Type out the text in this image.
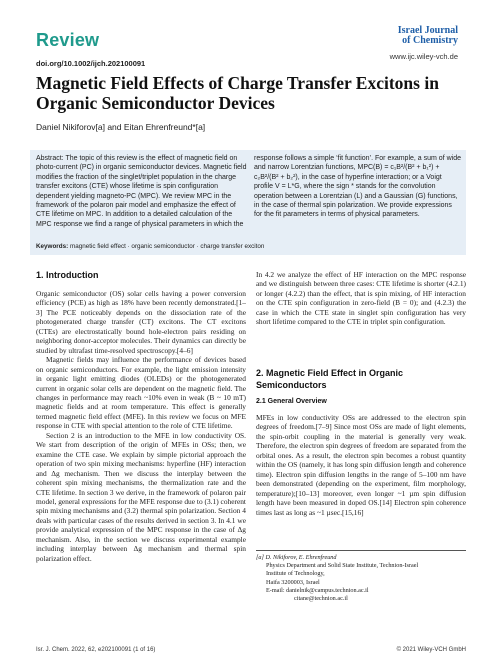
Review
doi.org/10.1002/ijch.202100091
Israel Journal
of Chemistry
www.ijc.wiley-vch.de
Magnetic Field Effects of Charge Transfer Excitons in Organic Semiconductor Devices
Daniel Nikiforov[a] and Eitan Ehrenfreund*[a]
Abstract: The topic of this review is the effect of magnetic field on photo-current (PC) in organic semiconductor devices. Magnetic field modifies the fraction of the singlet/triplet population in the charge transfer excitons (CTE) whose lifetime is spin configuration dependent yielding magneto-PC (MPC). We review MPC in the framework of the polaron pair model and emphasize the effect of CTE lifetime on MPC. In addition to a detailed calculation of the MPC response we find a range of physical parameters in which the
response follows a simple ‘fit function’. For example, a sum of wide and narrow Lorentzian functions, MPC(B) = c₁B²/(B² + b₁²) + c₂B²/(B² + b₂²), in the case of hyperfine interaction; or a Voigt profile V = L*G, where the sign * stands for the convolution operation between a Lorentzian (L) and a Gaussian (G) functions, in the case of thermal spin polarization. We provide expressions for the fit parameters in terms of physical parameters.
Keywords: magnetic field effect · organic semiconductor · charge transfer exciton
1. Introduction

Organic semiconductor (OS) solar cells having a power conversion efficiency (PCE) as high as 18% have been recently demonstrated.[1–3] The PCE noticeably depends on the dissociation rate of the photogenerated charge transfer (CT) excitons. The CT excitons (CTEs) are electrostatically bound hole-electron pairs residing on neighboring donor-acceptor molecules. Their dynamics can directly be studied by ultrafast time-resolved spectroscopy.[4–6]

Magnetic fields may influence the performance of devices based on organic semiconductors. For example, the light emission intensity in organic light emitting diodes (OLEDs) or the photogenerated current in organic solar cells are dependent on the magnetic field. The changes in performance may reach ~10% even in weak (B ~ 10 mT) magnetic fields and at room temperature. This effect is generally termed magnetic field effect (MFE). In this review we focus on MFE response in CTE with special attention to the role of CTE lifetime.

Section 2 is an introduction to the MFE in low conductivity OS. We start from description of the origin of MFEs in OSs; then, we examine the CTE case. We explain by simple pictorial approach the operation of two spin mixing mechanisms: hyperfine (HF) interaction and Δg mechanism. Then we discuss the interplay between the coherent spin mixing mechanisms, the thermalization rate and the CTE lifetime. In section 3 we derive, in the framework of polaron pair model, general expressions for the MFE response due to (3.1) coherent spin mixing mechanisms and (3.2) thermal spin polarization. Section 4 deals with particular cases of the results derived in section 3. In 4.1 we provide analytical expression of the MPC response in the case of Δg mechanism. Also, in the section we discuss experimental example including interplay between Δg mechanism and thermal spin polarization effect.

In 4.2 we analyze the effect of HF interaction on the MPC response and we distinguish between three cases: CTE lifetime is shorter (4.2.1) or longer (4.2.2) than the effect, that is spin mixing, of HF interaction on the CTE spin configuration in zero-field (B = 0); and (4.2.3) the case in which the CTE state in singlet spin configuration has very short lifetime compared to the CTE in triplet spin configuration.

2. Magnetic Field Effect in Organic Semiconductors
2.1 General Overview

MFEs in low conductivity OSs are addressed to the electron spin degrees of freedom.[7–9] Since most OSs are made of light elements, the spin-orbit coupling in the material is generally very weak. Therefore, the electron spin degrees of freedom are separated from the orbital ones. As a result, the electron spin becomes a robust quantity within the OS (namely, it has long spin diffusion length and coherence time). Electron spin diffusion lengths in the range of 5–100 nm have been demonstrated (depending on the experiment, film morphology, temperature);[10–13] moreover, even longer ~1 µm spin diffusion length have been measured in doped OS.[14] Electron spin coherence times last as long as ~1 µsec.[15,16]

[a] D. Nikiforov, E. Ehrenfreund
Physics Department and Solid State Institute, Technion-Israel
Institute of Technology,
Haifa 3200003, Israel
E-mail: danielnik@campus.technion.ac.il
citane@technion.ac.il
Isr. J. Chem. 2022, 62, e202100091 (1 of 16)	© 2021 Wiley-VCH GmbH
